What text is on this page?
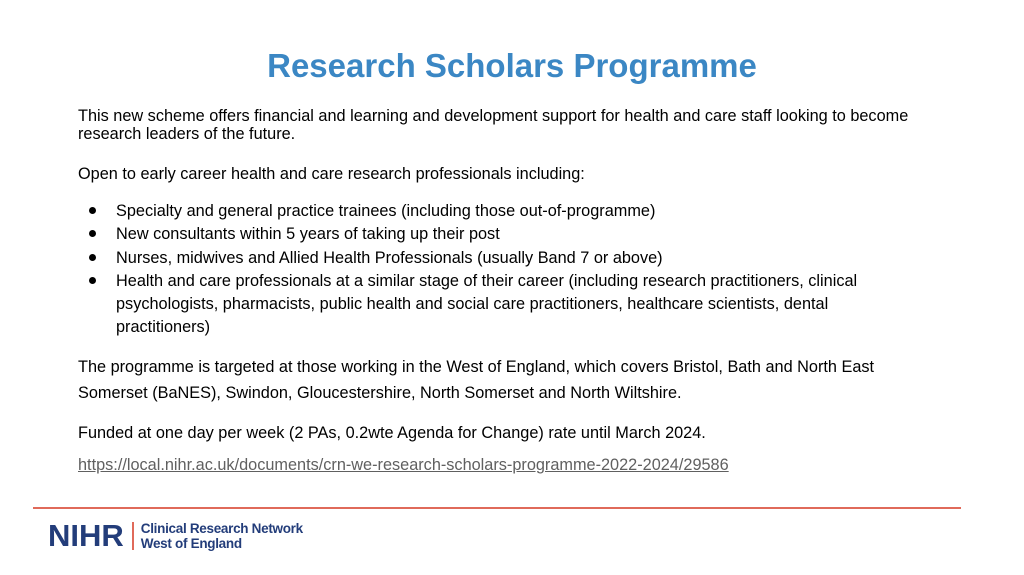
Research Scholars Programme
This new scheme offers financial and learning and development support for health and care staff looking to become research leaders of the future.
Open to early career health and care research professionals including:
Specialty and general practice trainees (including those out-of-programme)
New consultants within 5 years of taking up their post
Nurses, midwives and Allied Health Professionals (usually Band 7 or above)
Health and care professionals at a similar stage of their career (including research practitioners, clinical psychologists, pharmacists, public health and social care practitioners, healthcare scientists, dental practitioners)
The programme is targeted at those working in the West of England, which covers Bristol, Bath and North East Somerset (BaNES), Swindon, Gloucestershire, North Somerset and North Wiltshire.
Funded at one day per week (2 PAs, 0.2wte Agenda for Change) rate until March 2024.
https://local.nihr.ac.uk/documents/crn-we-research-scholars-programme-2022-2024/29586
NIHR Clinical Research Network
West of England
